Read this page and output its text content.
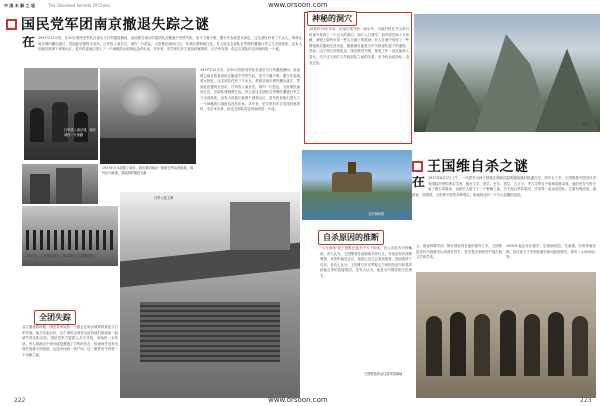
中 国 未 解 之 谜	The Unsolved Secrets Of China	www.orsoon.com
国民党军团南京撤退失踪之谜
在 1937年12月初，在20万国民党军队在南京与日军激战期间，参加保卫南京的某部队在撤退中突然失踪，至今下落不明。据当年参战老兵回忆，这支部队约有三千余人，奉命从南京城内撤出渡江，然而此后便再无音讯。日军攻入南京后，城内一片混乱，大批难民涌向江边，各部队建制被打乱。有人说这支部队在突围时遭遇日军主力全部战死，也有人说他们被困于城郊山区，更有传说他们进入了一个神秘的山洞再也没有出来。多年来，史学家们多方查找档案资料，走访幸存者，但这支部队的去向始终是一个谜。
日军攻入南京城，南京城内一片狼藉
1937年12月初，在20万国民党军队在南京与日军激战期间，参加保卫南京的某部队在撤退中突然失踪，至今下落不明。据当年参战老兵回忆，这支部队约有三千余人，奉命从南京城内撤出渡江，然而此后便再无音讯。日军攻入南京后，城内一片混乱，大批难民涌向江边，各部队建制被打乱。有人说这支部队在突围时遭遇日军主力全部战死，也有人说他们被困于城郊山区，更有传说他们进入了一个神秘的山洞再也没有出来。多年来，史学家们多方查找档案资料，走访幸存者，但这支部队的去向始终是一个谜。
1937年日本攻陷了南京，我们看到南京一路被日军烧杀抢掠，城内沦为废墟，被烧毁的楼房无数
1937年，日军轰炸南京，南京城内大量建筑被毁
日军入侵上海
全团失踪
双方激战的时候，国民党军队的一个团正在南京城郊的某处与日军作战。战斗结束以后，这个团的全部官兵连同他们的装备一起消失得无影无踪。国民党军方曾派人多方寻找，但始终一无所获。有人推测这个团可能是遭遇了日军的伏击，但现场并没有发现任何战斗的痕迹，也没有找到一具尸体。这一事件至今仍是一个未解之谜。
222
神秘的洞穴
20世纪70年代初，在南京郊外的一座山中，当地村民在开山采石时意外发现了一个巨大的洞穴。洞穴入口狭窄，但内部空间十分宽敞，洞壁上隐约可见一些人为留下的痕迹。有人在洞中发现了一些锈蚀的武器和生活用品，据推测可能是当年失踪部队留下的遗物。然而，由于洞穴结构复杂，深处情况不明，探查工作一直未能深入进行。关于这个洞穴与失踪部队之间的关系，至今仍众说纷纭，没有定论。
北京颐和园
黄山
王国维自杀之谜
在 1927年6月2日上午，一代国学大师王国维在颐和园昆明湖鱼藻轩投湖自尽，终年五十岁。王国维是中国近代享有国际声誉的著名学者，他在文学、美学、史学、哲学、古文字、考古学等各个领域成就卓著。他的死在当时引起了极大的震动，也给后人留下了一个难解之谜。关于他自杀的原因，学术界一直众说纷纭，主要有殉清说、逼债说、惊惧说、文化殉节说等多种观点，但始终没有一个令人信服的结论。
自杀原因的推断
"义无再辱"是王国维在遗书中写下的话，后人对此有多种解读。有人认为，王国维曾任清朝南书房行走，对清室怀有深厚感情，北伐军逼近北京，他担心自己会受到羞辱，因而选择了自杀。也有人认为，王国维与好友罗振玉之间的经济纠纷是导致他自杀的直接原因。还有人认为，他是为中国传统文化殉节。
人、如此种种学问、都分别表现在他的著作之中。王国维是近代中国最早运用西方哲学、美学观点来研究中国古典文学的学者。
1900年他去东京留学，后因病回国，在南通、苏州等地任教。其后致力于中国戏曲史和词曲的研究，著有《人间词话》等。
王国维遗体运往清华园墓地
223
www.orsoon.com
